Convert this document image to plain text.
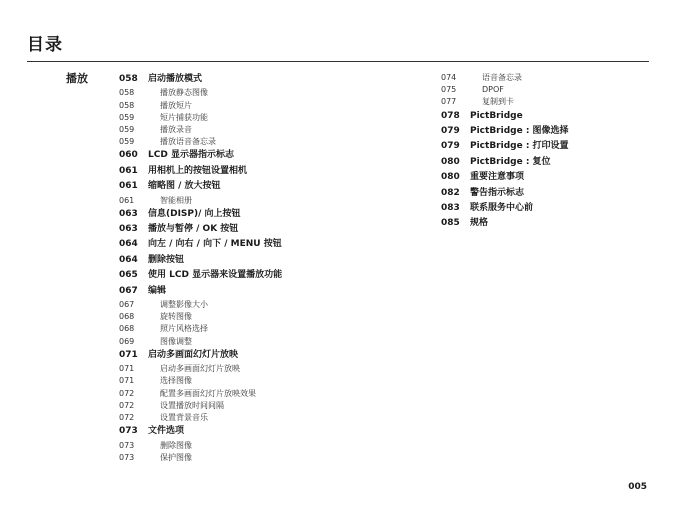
目录
播放	058	启动播放模式
058	播放静态图像
058	播放短片
059	短片捕获功能
059	播放录音
059	播放语音备忘录
060	LCD 显示器指示标志
061	用相机上的按钮设置相机
061	缩略图 / 放大按钮
061	智能相册
063	信息(DISP)/ 向上按钮
063	播放与暂停 / OK 按钮
064	向左 / 向右 / 向下 / MENU 按钮
064	删除按钮
065	使用 LCD 显示器来设置播放功能
067	编辑
067	调整影像大小
068	旋转图像
068	照片风格选择
069	图像调整
071	启动多画面幻灯片放映
071	启动多画面幻灯片放映
071	选择图像
072	配置多画面幻灯片放映效果
072	设置播放时间间隔
072	设置背景音乐
073	文件选项
073	删除图像
073	保护图像
074	语音备忘录
075	DPOF
077	复制到卡
078	PictBridge
079	PictBridge : 图像选择
079	PictBridge : 打印设置
080	PictBridge : 复位
080	重要注意事项
082	警告指示标志
083	联系服务中心前
085	规格
005
